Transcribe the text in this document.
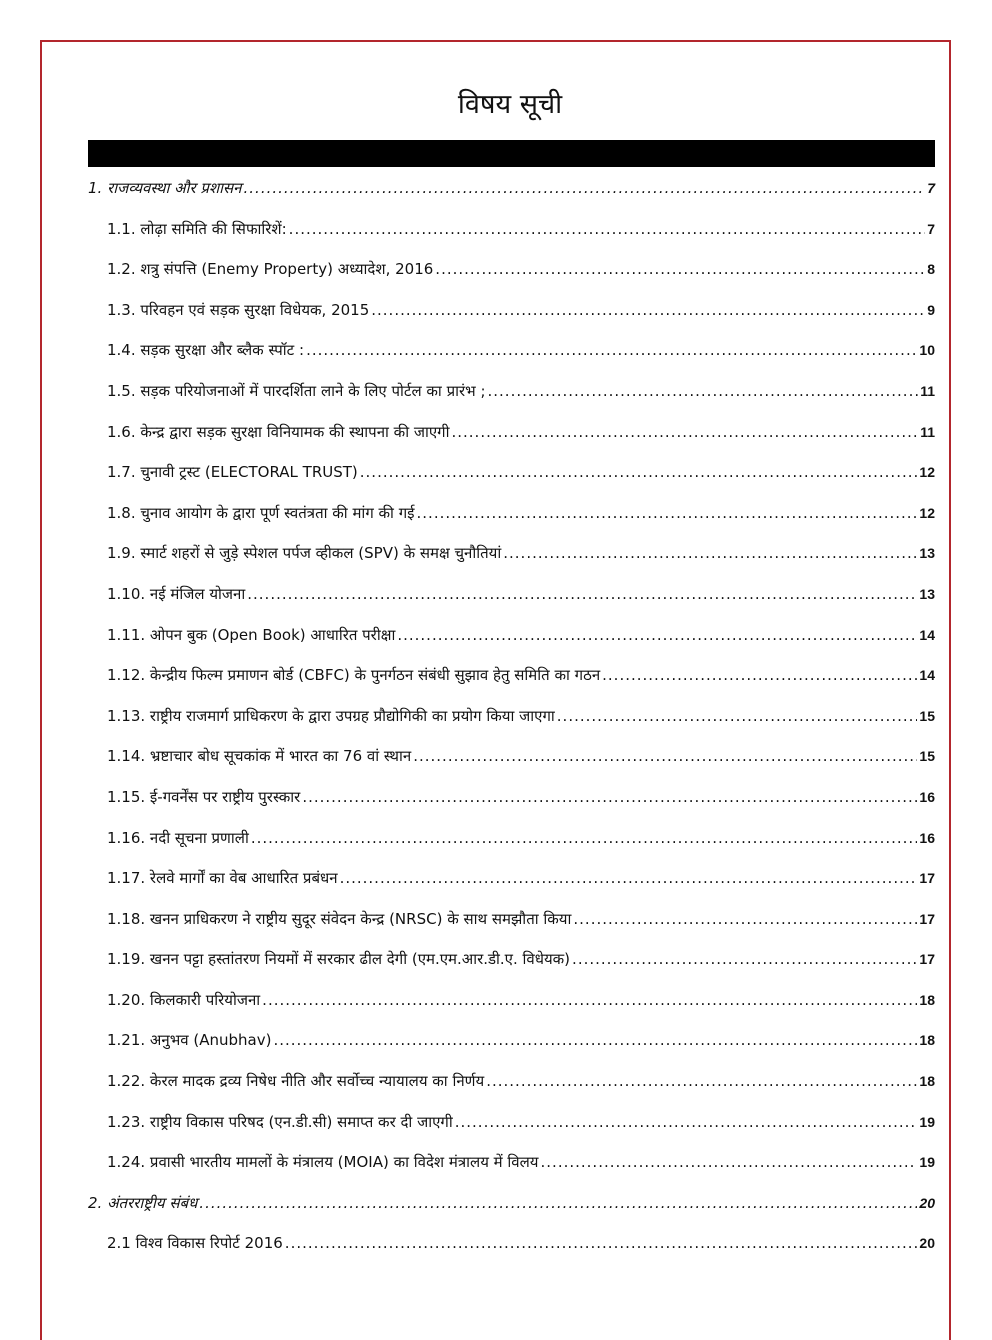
विषय सूची
1. राजव्यवस्था और प्रशासन .....	7
1.1. लोढ़ा समिति की सिफारिशें: .....	7
1.2. शत्रु संपत्ति (Enemy Property) अध्यादेश, 2016 .....	8
1.3. परिवहन एवं सड़क सुरक्षा विधेयक, 2015 .....	9
1.4. सड़क सुरक्षा और ब्लैक स्पॉट : .....	10
1.5. सड़क परियोजनाओं में पारदर्शिता लाने के लिए पोर्टल का प्रारंभ ; .....	11
1.6. केन्द्र द्वारा सड़क सुरक्षा विनियामक की स्थापना की जाएगी .....	11
1.7. चुनावी ट्रस्ट (ELECTORAL TRUST) .....	12
1.8. चुनाव आयोग के द्वारा पूर्ण स्वतंत्रता की मांग की गई .....	12
1.9. स्मार्ट शहरों से जुड़े स्पेशल पर्पज व्हीकल (SPV) के समक्ष चुनौतियां .....	13
1.10. नई मंजिल योजना .....	13
1.11. ओपन बुक (Open Book) आधारित परीक्षा .....	14
1.12. केन्द्रीय फिल्म प्रमाणन बोर्ड (CBFC) के पुनर्गठन संबंधी सुझाव हेतु समिति का गठन .....	14
1.13. राष्ट्रीय राजमार्ग प्राधिकरण के द्वारा उपग्रह प्रौद्योगिकी का प्रयोग किया जाएगा .....	15
1.14. भ्रष्टाचार बोध सूचकांक में भारत का 76 वां स्थान .....	15
1.15. ई-गवर्नेंस पर राष्ट्रीय पुरस्कार .....	16
1.16. नदी सूचना प्रणाली .....	16
1.17. रेलवे मार्गों का वेब आधारित प्रबंधन .....	17
1.18. खनन प्राधिकरण ने राष्ट्रीय सुदूर संवेदन केन्द्र (NRSC) के साथ समझौता किया .....	17
1.19. खनन पट्टा हस्तांतरण नियमों में सरकार ढील देगी (एम.एम.आर.डी.ए. विधेयक) .....	17
1.20. किलकारी परियोजना .....	18
1.21. अनुभव (Anubhav) .....	18
1.22. केरल मादक द्रव्य निषेध नीति और सर्वोच्च न्यायालय का निर्णय .....	18
1.23. राष्ट्रीय विकास परिषद (एन.डी.सी) समाप्त कर दी जाएगी .....	19
1.24. प्रवासी भारतीय मामलों के मंत्रालय (MOIA) का विदेश मंत्रालय में विलय .....	19
2. अंतरराष्ट्रीय संबंध .....	20
2.1 विश्व विकास रिपोर्ट 2016 .....	20
